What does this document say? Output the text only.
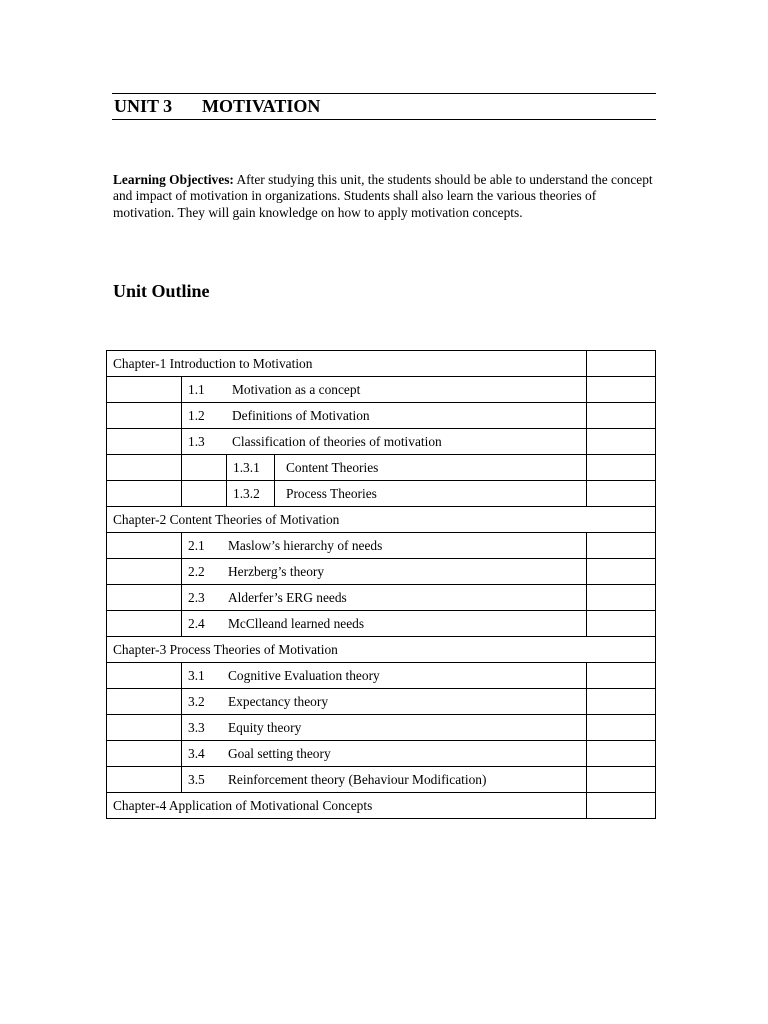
UNIT 3 MOTIVATION
Learning Objectives: After studying this unit, the students should be able to understand the concept and impact of motivation in organizations. Students shall also learn the various theories of motivation. They will gain knowledge on how to apply motivation concepts.
Unit Outline
Chapter-1 Introduction to Motivation				
	1.1 Motivation as a concept			
	1.2 Definitions of Motivation			
	1.3 Classification of theories of motivation			
		1.3.1	Content Theories	
		1.3.2	Process Theories	
Chapter-2 Content Theories of Motivation				
	2.1 Maslow’s hierarchy of needs			
	2.2 Herzberg’s theory			
	2.3 Alderfer’s ERG needs			
	2.4 McClleand learned needs			
Chapter-3 Process Theories of Motivation				
	3.1 Cognitive Evaluation theory			
	3.2 Expectancy theory			
	3.3 Equity theory			
	3.4 Goal setting theory			
	3.5 Reinforcement theory (Behaviour Modification)			
Chapter-4 Application of Motivational Concepts				
